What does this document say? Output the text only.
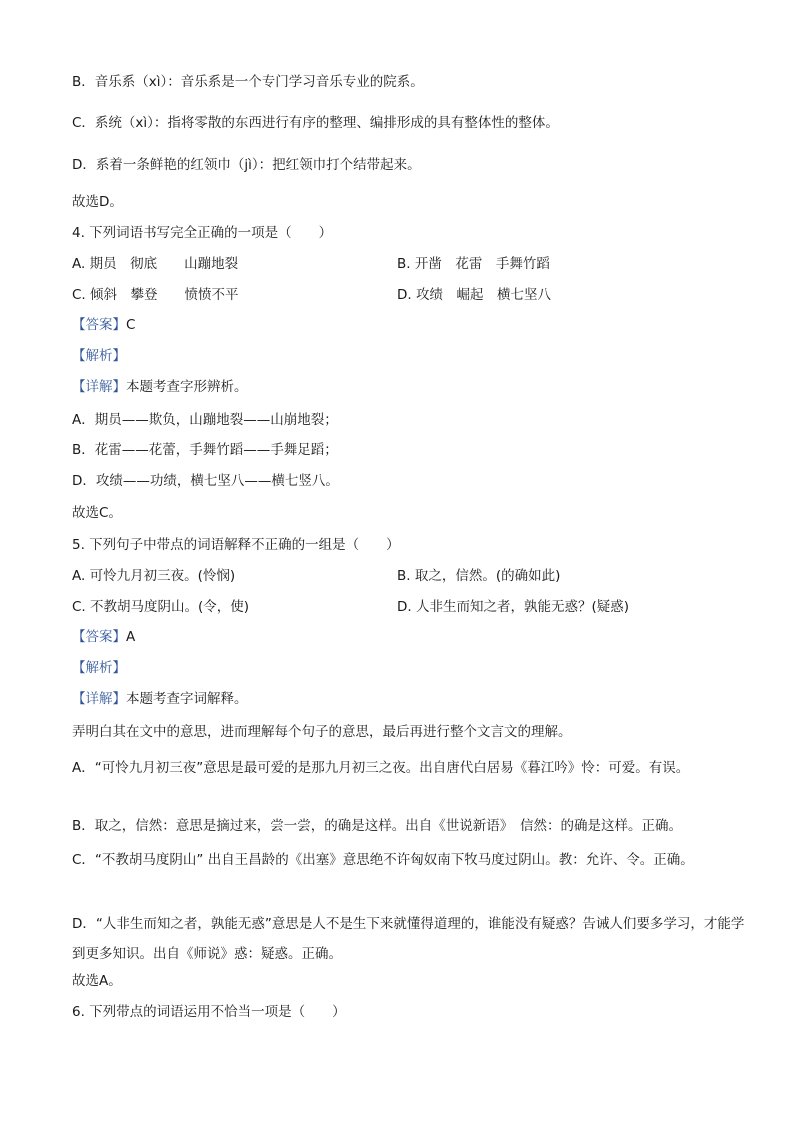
B．音乐系（xì）：音乐系是一个专门学习音乐专业的院系。
C．系统（xì）：指将零散的东西进行有序的整理、编排形成的具有整体性的整体。
D．系着一条鲜艳的红领巾（jì）：把红领巾打个结带起来。
故选D。
4. 下列词语书写完全正确的一项是（　　）
A. 期员　彻底　　山蹦地裂	B. 开凿　花雷　手舞竹蹈
C. 倾斜　攀登　　愤愤不平	D. 攻绩　崛起　横七坚八
【答案】C
【解析】
【详解】本题考查字形辨析。
A．期员——欺负，山蹦地裂——山崩地裂；
B．花雷——花蕾，手舞竹蹈——手舞足蹈；
D．攻绩——功绩，横七坚八——横七竖八。
故选C。
5. 下列句子中带点的词语解释不正确的一组是（　　）
A. 可怜九月初三夜。(怜悯)	B. 取之，信然。(的确如此)
C. 不教胡马度阴山。(令，使)	D. 人非生而知之者，孰能无惑？(疑惑)
【答案】A
【解析】
【详解】本题考查字词解释。
弄明白其在文中的意思，进而理解每个句子的意思，最后再进行整个文言文的理解。
A．“可怜九月初三夜”意思是最可爱的是那九月初三之夜。出自唐代白居易《暮江吟》怜：可爱。有误。
B．取之，信然：意思是摘过来，尝一尝，的确是这样。出自《世说新语》　信然：的确是这样。正确。
C．“不教胡马度阴山” 出自王昌龄的《出塞》意思绝不许匈奴南下牧马度过阴山。教：允许、令。正确。
D．“人非生而知之者，孰能无惑”意思是人不是生下来就懂得道理的，谁能没有疑惑？告诫人们要多学习，才能学到更多知识。出自《师说》惑：疑惑。正确。
故选A。
6. 下列带点的词语运用不恰当一项是（　　）
